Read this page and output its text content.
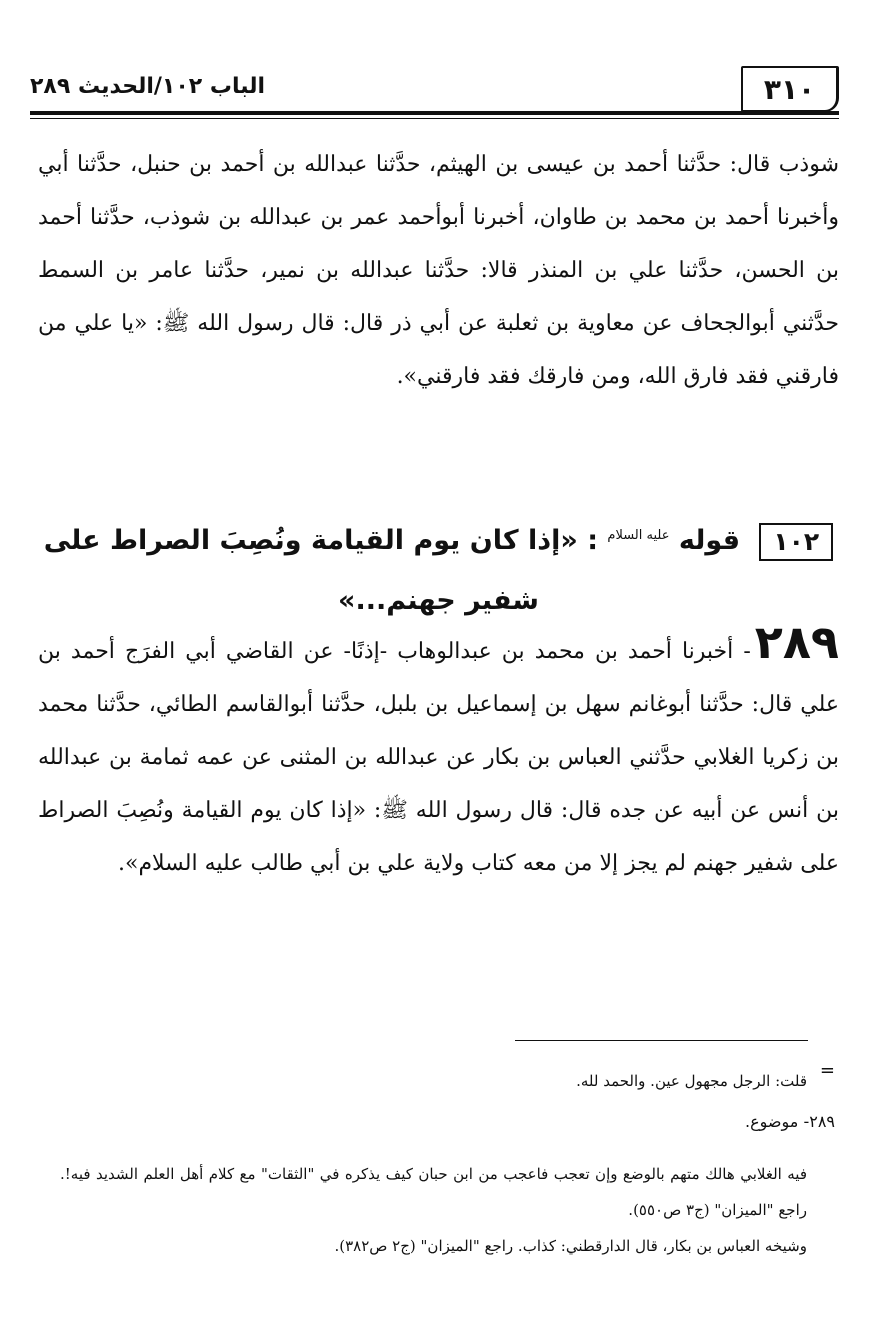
٣١٠
الباب ١٠٢/الحديث ٢٨٩

شوذب قال: حدَّثنا أحمد بن عيسى بن الهيثم، حدَّثنا عبدالله بن أحمد بن حنبل، حدَّثنا أبي وأخبرنا أحمد بن محمد بن طاوان، أخبرنا أبوأحمد عمر بن عبدالله بن شوذب، حدَّثنا أحمد بن الحسن، حدَّثنا علي بن المنذر قالا: حدَّثنا عبدالله بن نمير، حدَّثنا عامر بن السمط حدَّثني أبوالجحاف عن معاوية بن ثعلبة عن أبي ذر قال: قال رسول الله ﷺ: «يا علي من فارقني فقد فارق الله، ومن فارقك فقد فارقني».

١٠٢ قوله $^{عليه السلام}$ : «إذا كان يوم القيامة ونُصِبَ الصراط على شفير جهنم...»
٢٨٩- أخبرنا أحمد بن محمد بن عبدالوهاب -إذنًا- عن القاضي أبي الفرَج أحمد بن علي قال: حدَّثنا أبوغانم سهل بن إسماعيل بن بلبل، حدَّثنا أبوالقاسم الطائي، حدَّثنا محمد بن زكريا الغلابي حدَّثني العباس بن بكار عن عبدالله بن المثنى عن عمه ثمامة بن عبدالله بن أنس عن أبيه عن جده قال: قال رسول الله ﷺ: «إذا كان يوم القيامة ونُصِبَ الصراط على شفير جهنم لم يجز إلا من معه كتاب ولاية علي بن أبي طالب عليه السلام».
=

قلت: الرجل مجهول عين. والحمد لله.

٢٨٩- موضوع.

فيه الغلابي هالك متهم بالوضع وإن تعجب فاعجب من ابن حبان كيف يذكره في "الثقات" مع كلام أهل العلم الشديد فيه!. راجع "الميزان" (ج٣ ص٥٥٠).

وشيخه العباس بن بكار، قال الدارقطني: كذاب. راجع "الميزان" (ج٢ ص٣٨٢).
